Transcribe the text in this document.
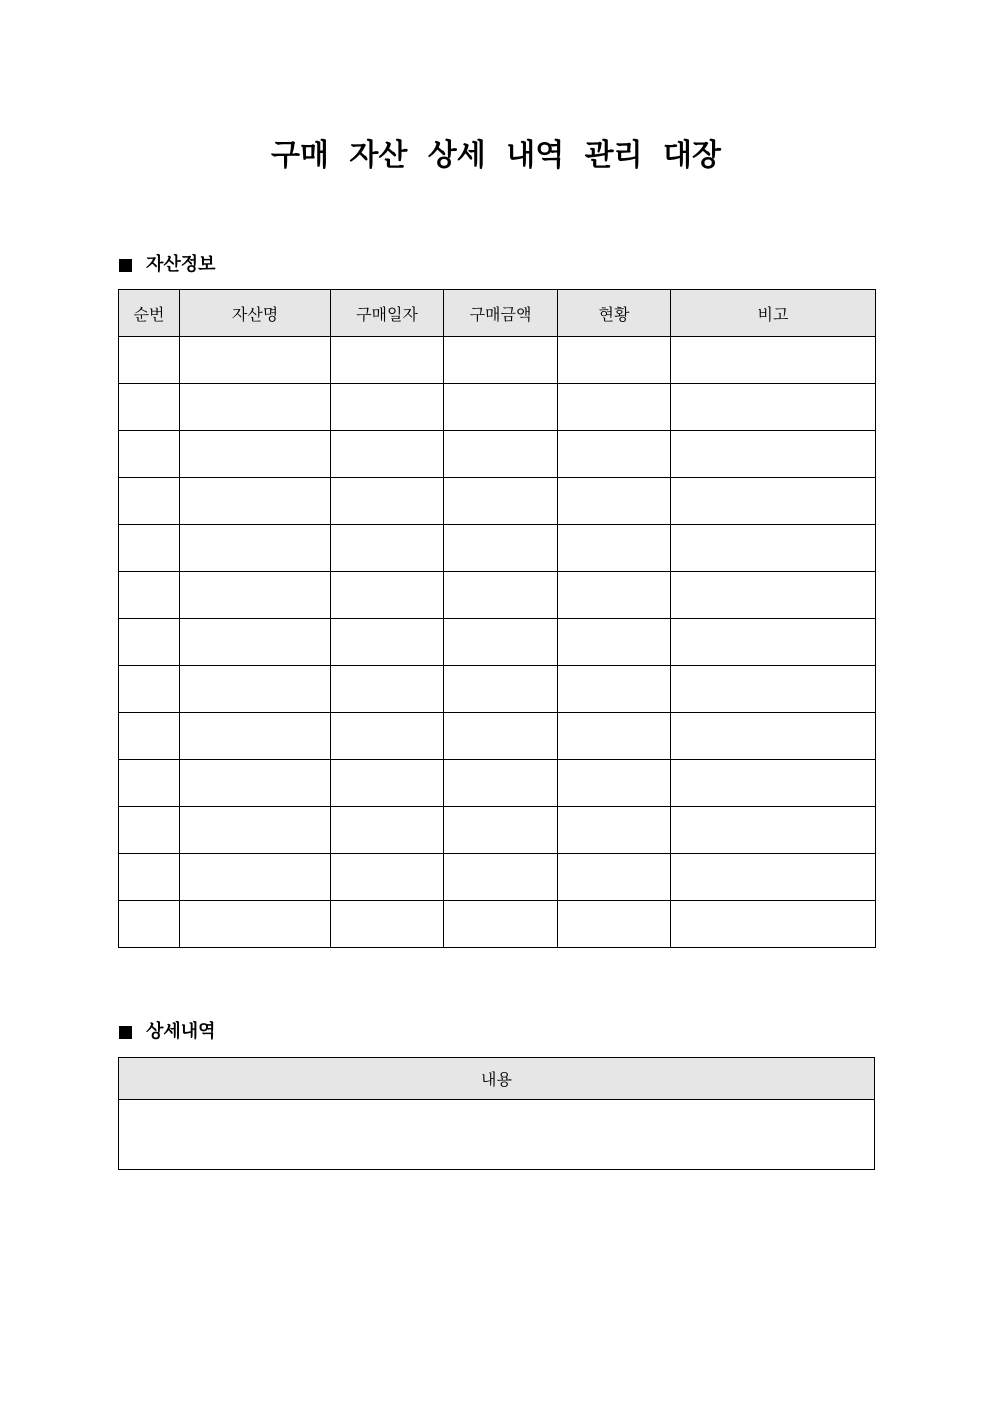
구매 자산 상세 내역 관리 대장
자산정보
순번	자산명	구매일자	구매금액	현황	비고

상세내역
내용
